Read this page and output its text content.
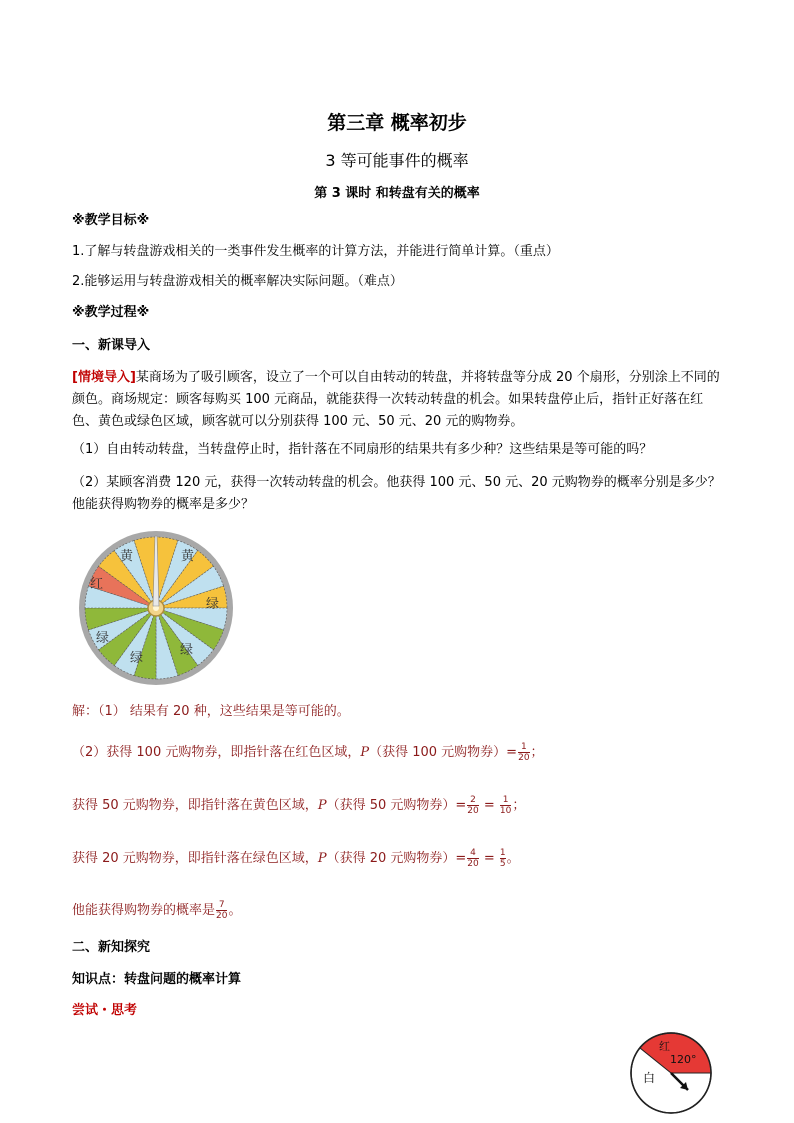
第三章 概率初步
3 等可能事件的概率
第 3 课时 和转盘有关的概率
※教学目标※
1.了解与转盘游戏相关的一类事件发生概率的计算方法，并能进行简单计算。（重点）
2.能够运用与转盘游戏相关的概率解决实际问题。（难点）
※教学过程※
一、新课导入
[情境导入]某商场为了吸引顾客，设立了一个可以自由转动的转盘，并将转盘等分成 20 个扇形，分别涂上不同的颜色。商场规定：顾客每购买 100 元商品，就能获得一次转动转盘的机会。如果转盘停止后，指针正好落在红色、黄色或绿色区域，顾客就可以分别获得 100 元、50 元、20 元的购物券。
（1）自由转动转盘，当转盘停止时，指针落在不同扇形的结果共有多少种？这些结果是等可能的吗？
（2）某顾客消费 120 元，获得一次转动转盘的机会。他获得 100 元、50 元、20 元购物券的概率分别是多少？他能获得购物券的概率是多少？
黄	黄
红
绿
绿
绿
绿
解：（1） 结果有 20 种，这些结果是等可能的。
（2）获得 100 元购物券，即指针落在红色区域，P（获得 100 元购物券）= $\frac{1}{20}$ ；
获得 50 元购物券，即指针落在黄色区域，P（获得 50 元购物券）= $\frac{2}{20} = \frac{1}{10}$ ；
获得 20 元购物券，即指针落在绿色区域，P（获得 20 元购物券）= $\frac{4}{20} = \frac{1}{5}$ 。
他能获得购物券的概率是 $\frac{7}{20}$ 。
二、新知探究
知识点：转盘问题的概率计算
尝试・思考
红
120°
白
